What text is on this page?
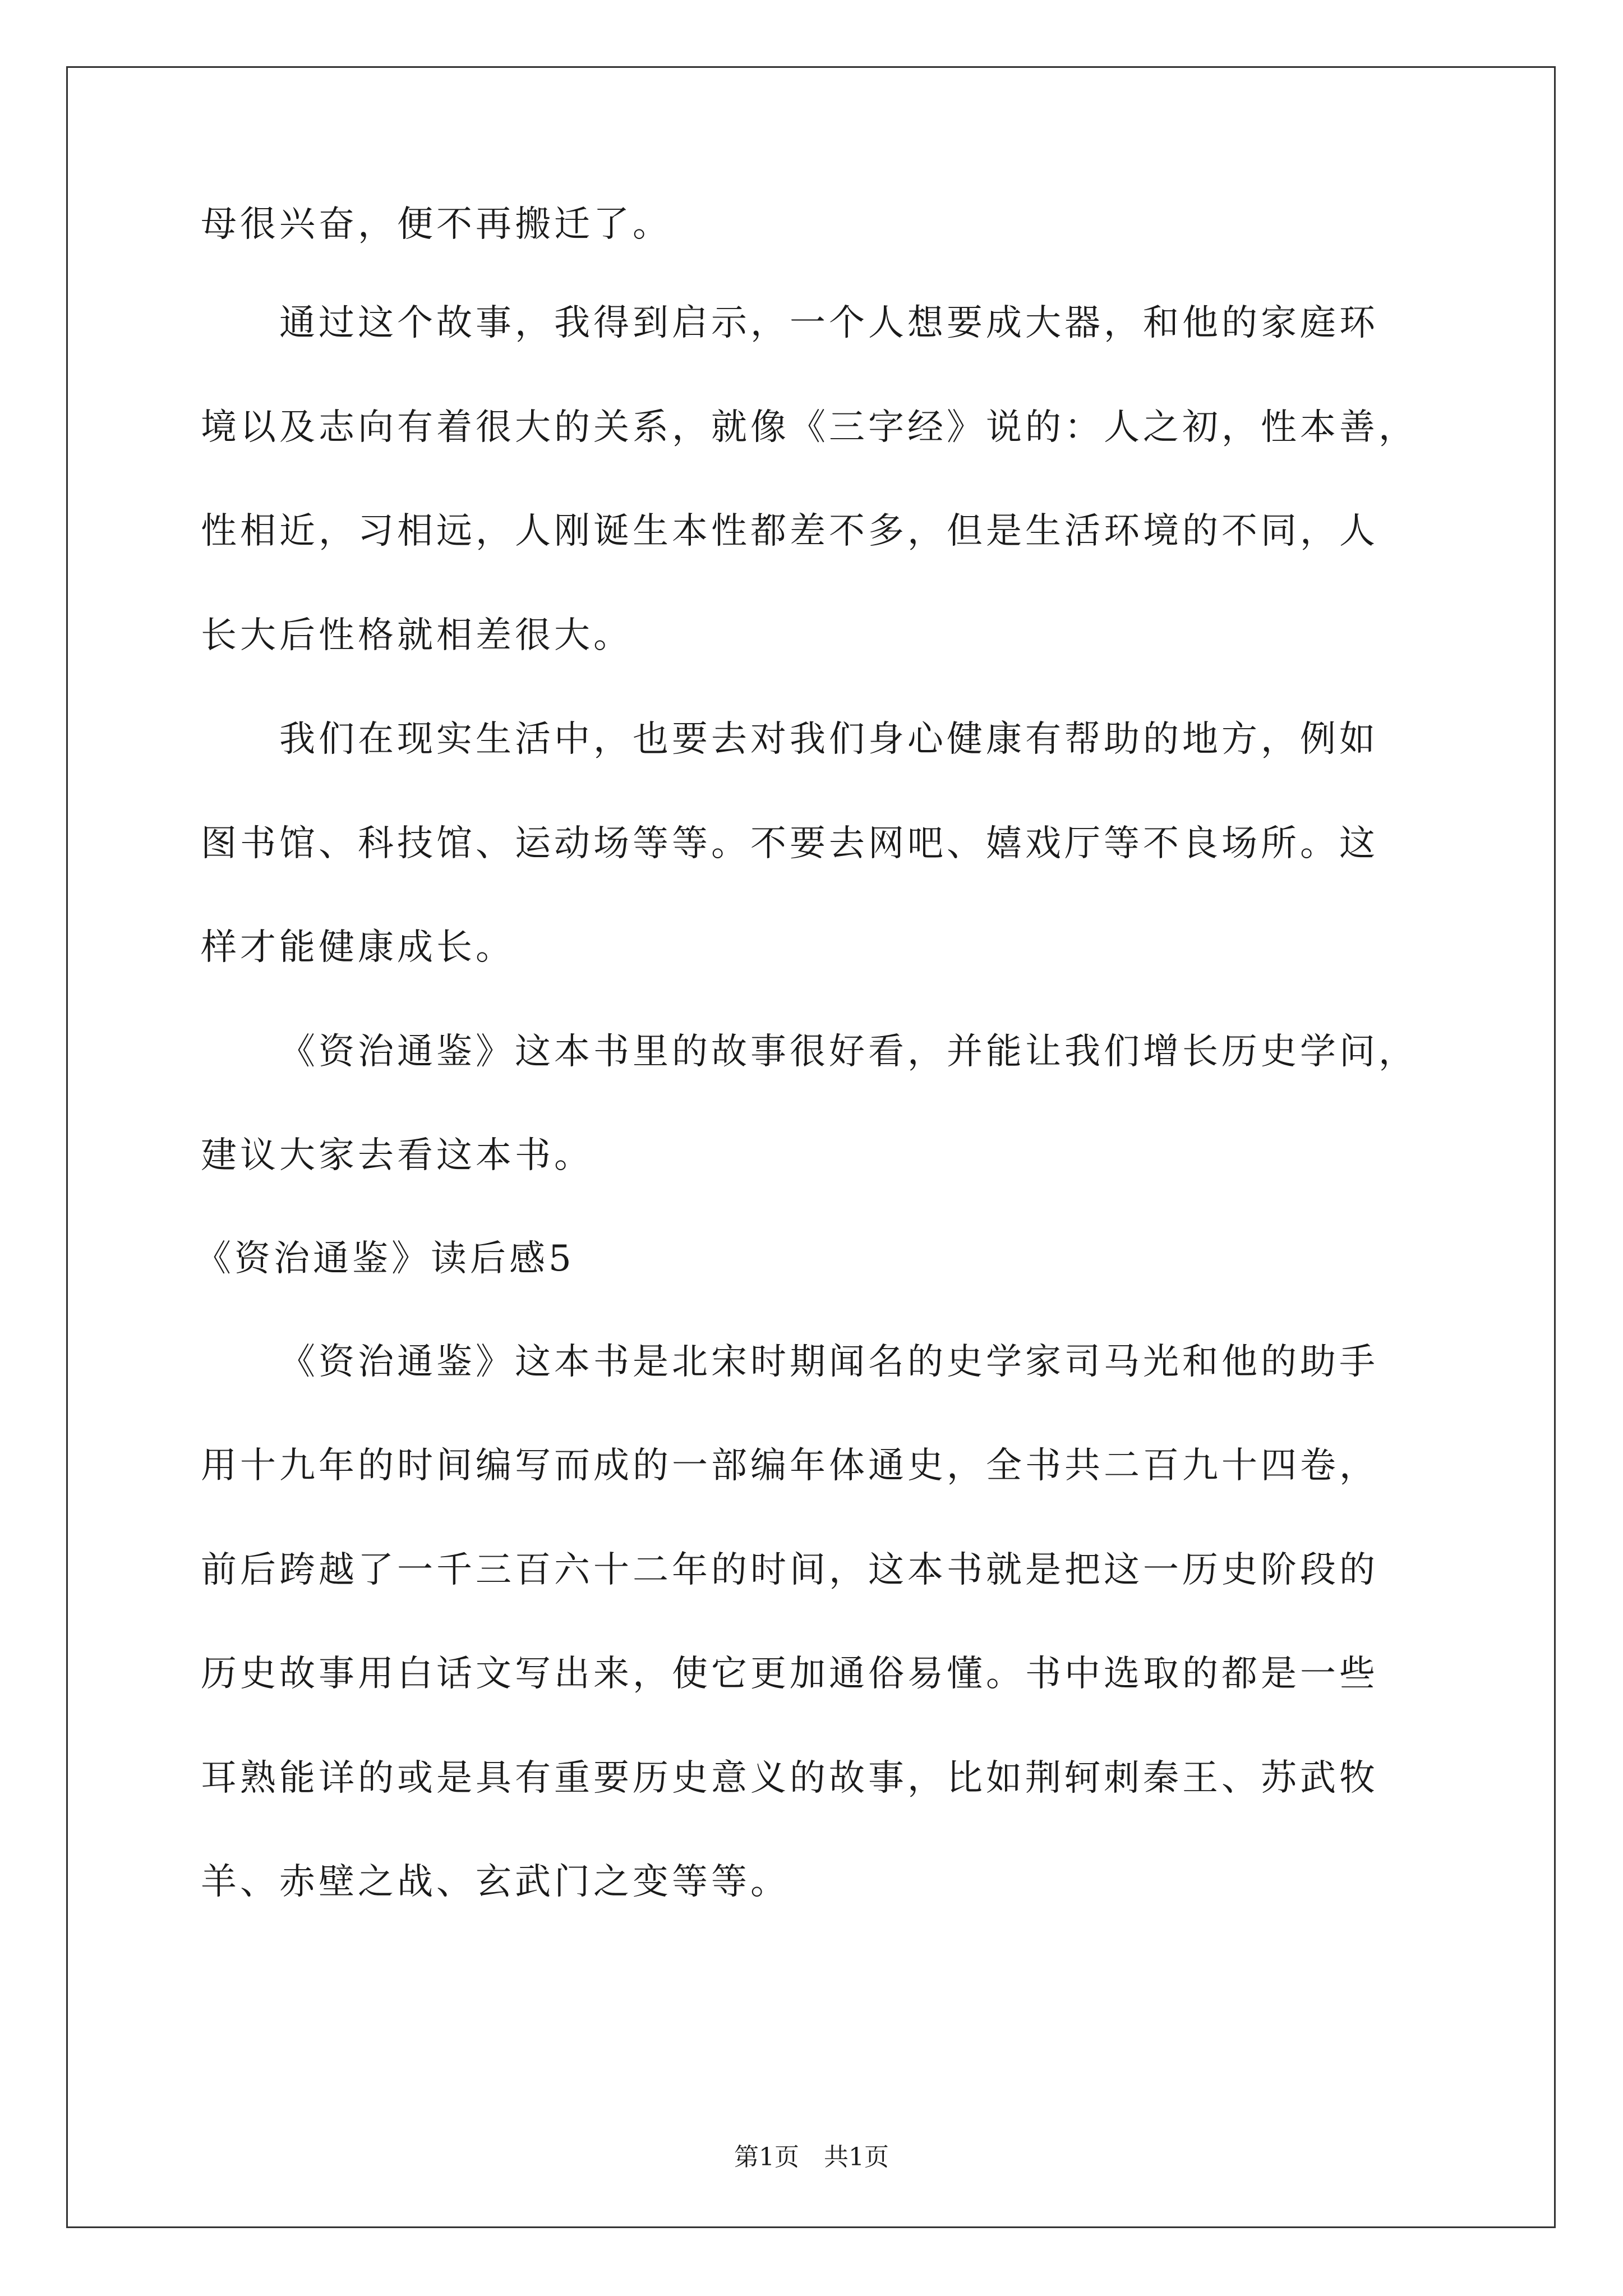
母很兴奋，便不再搬迁了。
通过这个故事，我得到启示，一个人想要成大器，和他的家庭环
境以及志向有着很大的关系，就像《三字经》说的：人之初，性本善，
性相近，习相远，人刚诞生本性都差不多，但是生活环境的不同，人
长大后性格就相差很大。
我们在现实生活中，也要去对我们身心健康有帮助的地方，例如
图书馆、科技馆、运动场等等。不要去网吧、嬉戏厅等不良场所。这
样才能健康成长。
《资治通鉴》这本书里的故事很好看，并能让我们增长历史学问，
建议大家去看这本书。
《资治通鉴》读后感5
《资治通鉴》这本书是北宋时期闻名的史学家司马光和他的助手
用十九年的时间编写而成的一部编年体通史，全书共二百九十四卷，
前后跨越了一千三百六十二年的时间，这本书就是把这一历史阶段的
历史故事用白话文写出来，使它更加通俗易懂。书中选取的都是一些
耳熟能详的或是具有重要历史意义的故事，比如荆轲刺秦王、苏武牧
羊、赤壁之战、玄武门之变等等。
第1页　共1页
